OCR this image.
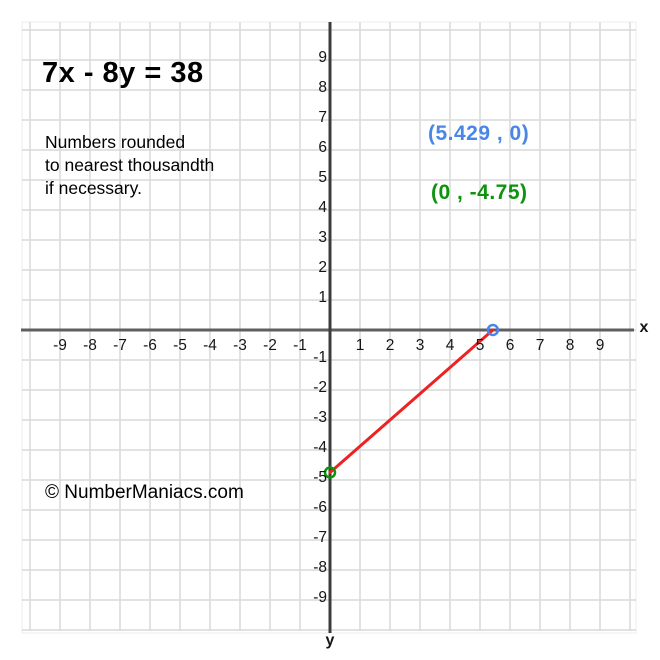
7x - 8y = 38
Numbers rounded
to nearest thousandth
if necessary.
(5.429 , 0)
(0 , -4.75)
-9 -8 -7 -6 -5 -4 -3 -2 -1	1 2 3 4 5 6 7 8 9
9
8
7
6
5
4
3
2
1
-1
-2
-3
-4
-5
-6
-7
-8
-9
x
y
© NumberManiacs.com
